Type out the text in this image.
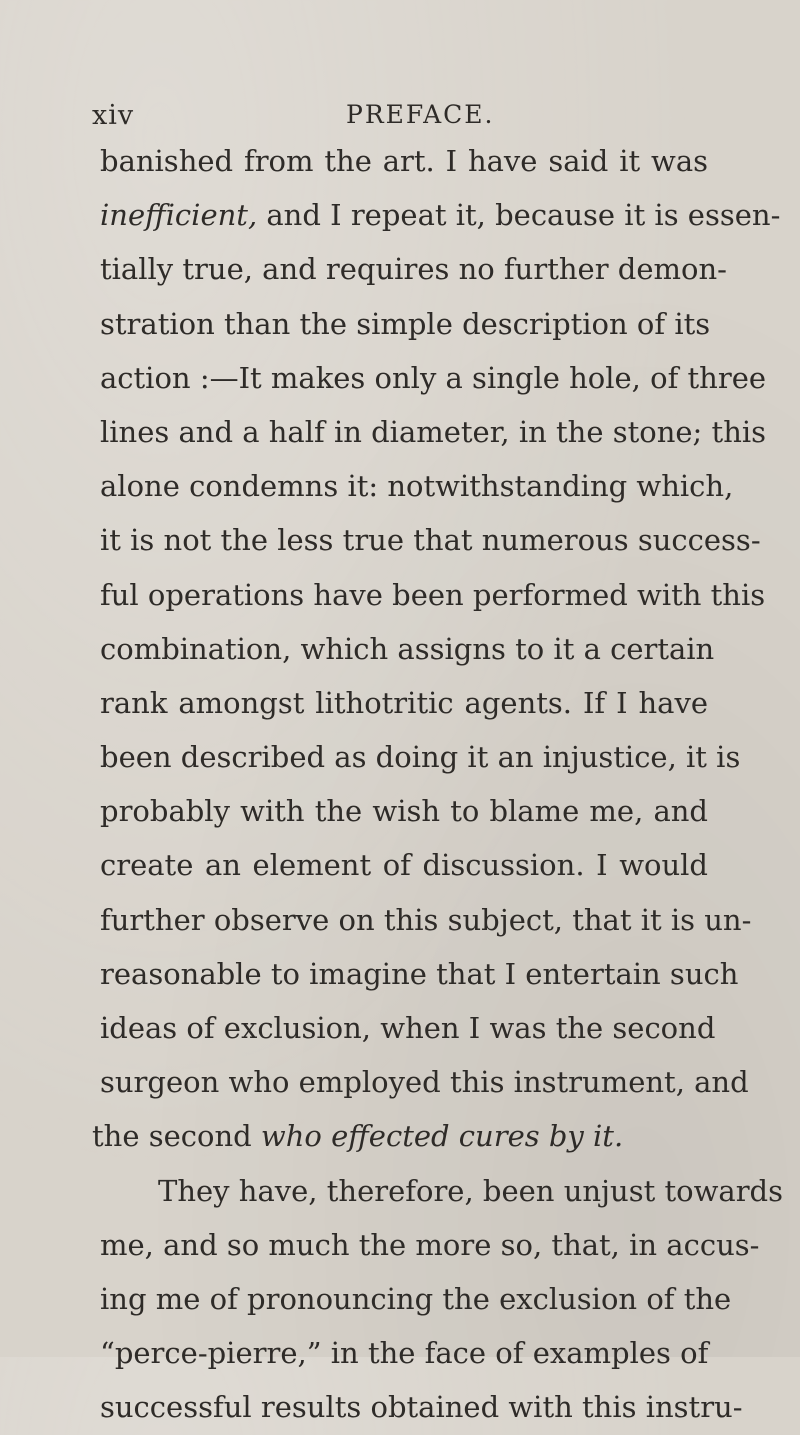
xiv	PREFACE.
banished from the art. I have said it was
inefficient, and I repeat it, because it is essen-
tially true, and requires no further demon-
stration than the simple description of its
action :—It makes only a single hole, of three
lines and a half in diameter, in the stone; this
alone condemns it: notwithstanding which,
it is not the less true that numerous success-
ful operations have been performed with this
combination, which assigns to it a certain
rank amongst lithotritic agents. If I have
been described as doing it an injustice, it is
probably with the wish to blame me, and
create an element of discussion. I would
further observe on this subject, that it is un-
reasonable to imagine that I entertain such
ideas of exclusion, when I was the second
surgeon who employed this instrument, and
the second who effected cures by it.
They have, therefore, been unjust towards
me, and so much the more so, that, in accus-
ing me of pronouncing the exclusion of the
“perce-pierre,” in the face of examples of
successful results obtained with this instru-
